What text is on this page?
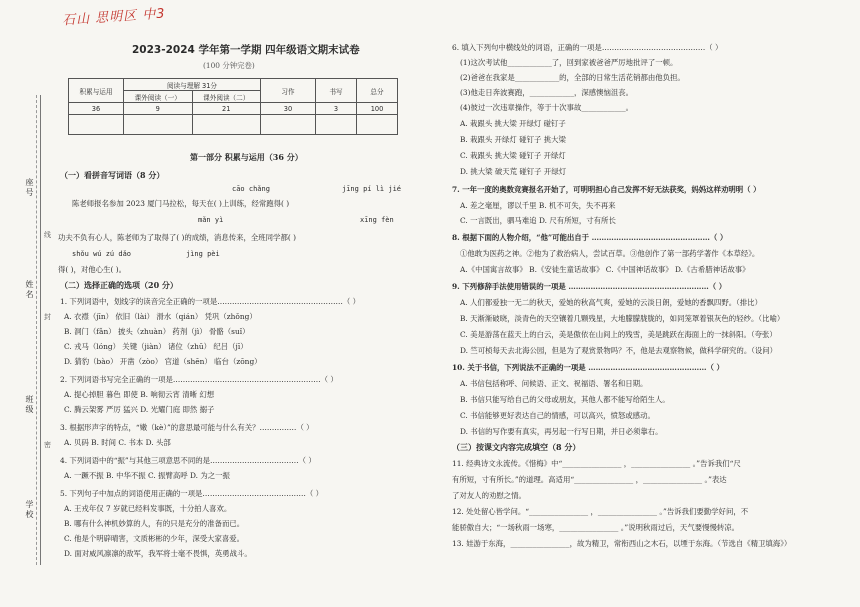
石山 思明区 中3
座号
姓名
班级
学校
线
封
密
2023-2024 学年第一学期 四年级语文期末试卷
(100 分钟完卷)
积累与运用	阅读与理解 31分		习作	书写	总分
	课外阅读（一）	课外阅读（二）			
36	9	21	30	3	100

第一部分 积累与运用（36 分）
（一）看拼音写词语（8 分）
cāo chǎng	jīng pí lì jié
陈老师报名参加 2023 厦门马拉松，每天在( )上训练，经常跑得( )
mǎn yì	xīng fèn
功夫不负有心人，陈老师为了取得了( )的成绩，消息传来，全班同学都( )
shǒu wú zú dǎo	jìng pèi
得( )，对他心生( )。
（二）选择正确的选项（20 分）
1. 下列词语中，划线字的读音完全正确的一项是……………………………………………（ ）
A. 衣襟（jīn） 依旧（lài） 滑水（qián） 凭巩（zhǒng）
B. 洞门（fǎn） 披头（zhuàn） 药剂（jì） 骨骼（suǐ）
C. 戎马（lóng） 关键（jiàn） 诸位（zhū） 纪吕（jī）
D. 猜豹（bào） 开凿（zòo） 官道（shēn） 临台（zōng）
2. 下列词语书写完全正确的一项是……………………………………………………（ ）
A. 提心掉胆 暮色 即使 B. 响彻云宵 清晰 幻想
C. 腾云架雾 严厉 猛兴 D. 光耀门庭 即然 搦子
3. 根据形声字的特点，“嫩（kè）”的意思最可能与什么有关？……………（ ）
A. 贝码 B. 时间 C. 书本 D. 头部
4. 下列词语中的“振”与其他三项意思不同的是………………………………（ ）
A. 一蹶不振 B. 中华不振 C. 振臂高呼 D. 为之一振
5. 下列句子中加点的词语使用正确的一项是……………………………………（ ）
A. 王戎年仅 7 岁就已经料发事既，十分拍人喜欢。
B. 哪有什么神机妙算的人，有的只是充分的准备而已。
C. 他是个明辟晴害，文质彬彬的少年，深受大家喜爱。
D. 面对威风凛凛的敌军，我军将士毫不畏惧，英勇战斗。
6. 填入下列句中横线处的词语，正确的一项是……………………………………（ ）
(1)这次考试他____________了，回到家被爸爸严厉地批评了一顿。
(2)爸爸在我家是____________的，全部的日常生活花销都由他负担。
(3)他走日奔波赛跑，____________，深感懊恼沮丧。
(4)彼过一次违章操作，等于十次事故____________。
A. 栽跟头 挑大梁 开绿灯 碰钉子
B. 栽跟头 开绿灯 碰钉子 挑大梁
C. 栽跟头 挑大梁 碰钉子 开绿灯
D. 挑大梁 破天荒 碰钉子 开绿灯
7. 一年一度的奥数竞赛报名开始了，可明明担心自己发挥不好无法获奖，妈妈这样劝明明（ ）
A. 差之毫厘，谬以千里 B. 机不可失，失不再来
C. 一言既出，驷马难追 D. 尺有所短，寸有所长
8. 根据下面的人物介绍，“他”可能出自于 …………………………………………（ ）
①他敢为医药之神。②他为了救治病人，尝试百草。③他创作了第一部药学著作《本草经》。
A.《中国寓言故事》 B.《安徒生童话故事》 C.《中国神话故事》 D.《古希腊神话故事》
9. 下列修辞手法使用错误的一项是 …………………………………………………（ ）
A. 人们都爱独一无二的秋天，爱她的秋高气爽，爱她的云淡日朗，爱她的香飘四野。（排比）
B. 天渐渐破晓，淡青色的天空镶着几颗残星，大地朦朦胧胧的，如同笼罩着银灰色的轻纱。（比喻）
C. 美是游荡在蓝天上的白云，美是傲依在山间上的残雪，美是跳跃在海面上的一抹斜阳。（夸张）
D. 竺可桢每天去北海公园，但是为了观赏景物吗？不，他是去观察物候，做科学研究的。（设问）
10. 关于书信，下列说法不正确的一项是 …………………………………………（ ）
A. 书信包括称呼、问候语、正文、祝福语、署名和日期。
B. 书信只能写给自己的父母或朋友，其他人都不能写给陌生人。
C. 书信能够更好表达自己的情感，可以高兴，愤怒或感动。
D. 书信的写作要有真实，再另起一行写日期，并日必须靠右。
（三）按课文内容完成填空（8 分）
11. 经典诗文永流传。《惜梅》中“________________ ，________________ 。”告诉我们“尺
有所短，寸有所长。”的道理。高适用“________________ ，________________ 。”表达
了对友人的劝慰之情。
12. 处处留心皆学问。“________________ ，________________ 。”告诉我们要勤学好问，不
能骄傲自大；“一场秋雨一场寒，________________ 。”说明秋雨过后，天气要慢慢转凉。
13. 娃游于东海，________________，故为精卫，常衔西山之木石，以堙于东海。（节选自《精卫填海》）
